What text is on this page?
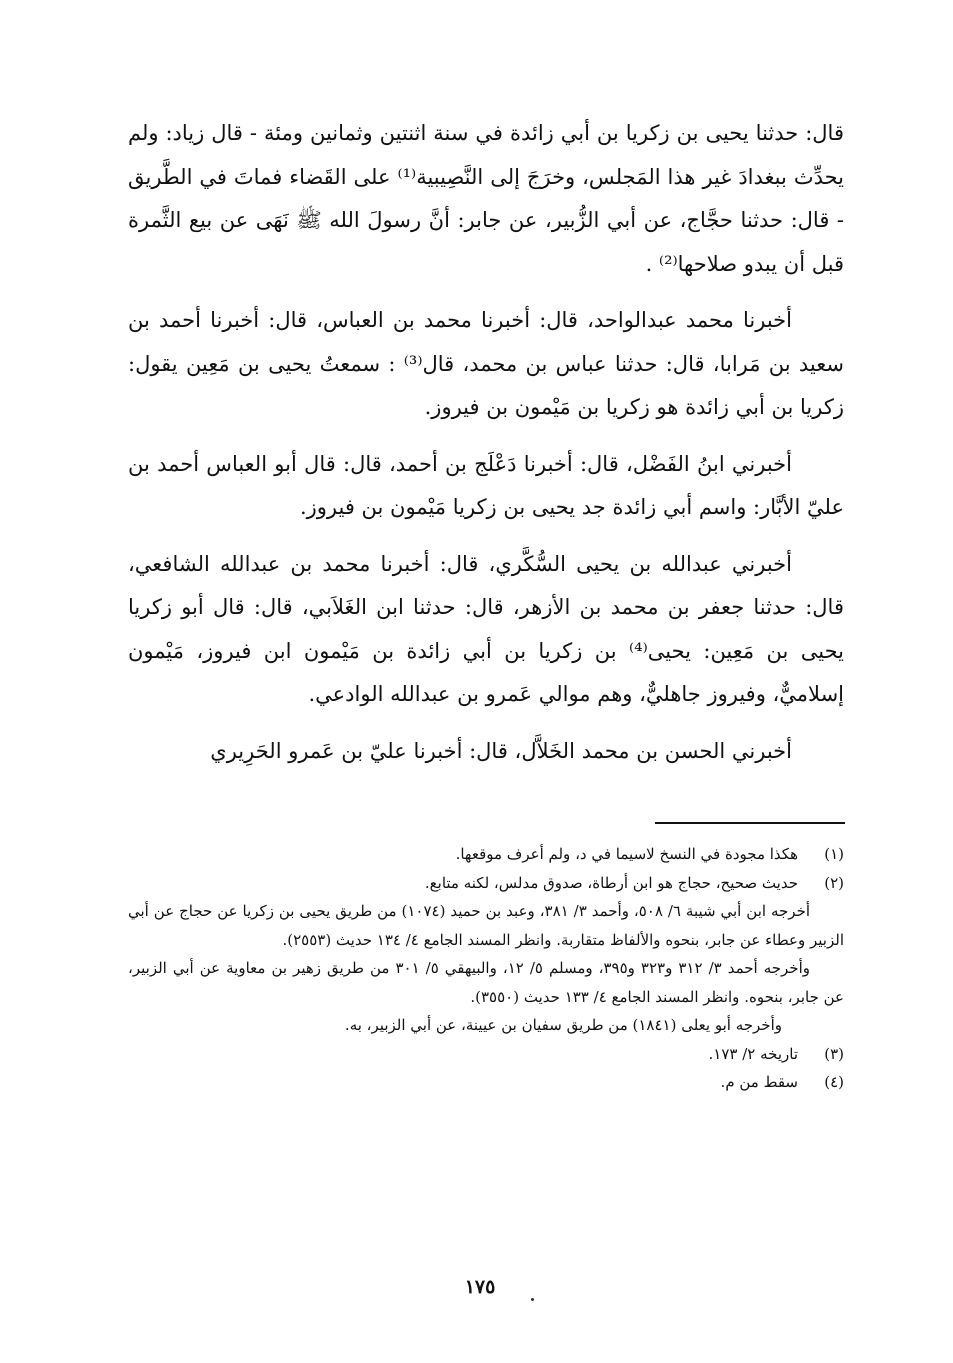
قال: حدثنا يحيى بن زكريا بن أبي زائدة في سنة اثنتين وثمانين ومئة - قال زياد: ولم يحدِّث ببغدادَ غير هذا المَجلس، وخرَجَ إلى النَّصِيبية⁽¹⁾ على القَضاء فماتَ في الطَّريق - قال: حدثنا حجَّاج، عن أبي الزُّبير، عن جابر: أنَّ رسولَ الله ﷺ نَهَى عن بيع الثَّمرة قبل أن يبدو صلاحها⁽²⁾ .

أخبرنا محمد عبدالواحد، قال: أخبرنا محمد بن العباس، قال: أخبرنا أحمد بن سعيد بن مَرابا، قال: حدثنا عباس بن محمد، قال⁽³⁾ : سمعتُ يحيى بن مَعِين يقول: زكريا بن أبي زائدة هو زكريا بن مَيْمون بن فيروز.

أخبرني ابنُ الفَضْل، قال: أخبرنا دَعْلَج بن أحمد، قال: قال أبو العباس أحمد بن عليّ الأبَّار: واسم أبي زائدة جد يحيى بن زكريا مَيْمون بن فيروز.

أخبرني عبدالله بن يحيى السُّكَّري، قال: أخبرنا محمد بن عبدالله الشافعي، قال: حدثنا جعفر بن محمد بن الأزهر، قال: حدثنا ابن الغَلاَبي، قال: قال أبو زكريا يحيى بن مَعِين: يحيى⁽⁴⁾ بن زكريا بن أبي زائدة بن مَيْمون ابن فيروز، مَيْمون إسلاميٌّ، وفيروز جاهليٌّ، وهم موالي عَمرو بن عبدالله الوادعي.

أخبرني الحسن بن محمد الخَلاَّل، قال: أخبرنا عليّ بن عَمرو الحَرِيري

(١)
هكذا مجودة في النسخ لاسيما في د، ولم أعرف موقعها.
(٢)
حديث صحيح، حجاج هو ابن أرطاة، صدوق مدلس، لكنه متابع.
أخرجه ابن أبي شيبة ٦/ ٥٠٨، وأحمد ٣/ ٣٨١، وعبد بن حميد (١٠٧٤) من طريق يحيى بن زكريا عن حجاج عن أبي الزبير وعطاء عن جابر، بنحوه والألفاظ متقاربة. وانظر المسند الجامع ٤/ ١٣٤ حديث (٢٥٥٣).
وأخرجه أحمد ٣/ ٣١٢ و٣٢٣ و٣٩٥، ومسلم ٥/ ١٢، والبيهقي ٥/ ٣٠١ من طريق زهير بن معاوية عن أبي الزبير، عن جابر، بنحوه. وانظر المسند الجامع ٤/ ١٣٣ حديث (٣٥٥٠).
وأخرجه أبو يعلى (١٨٤١) من طريق سفيان بن عيينة، عن أبي الزبير، به.
(٣)
تاريخه ٢/ ١٧٣.
(٤)
سقط من م.
١٧٥
